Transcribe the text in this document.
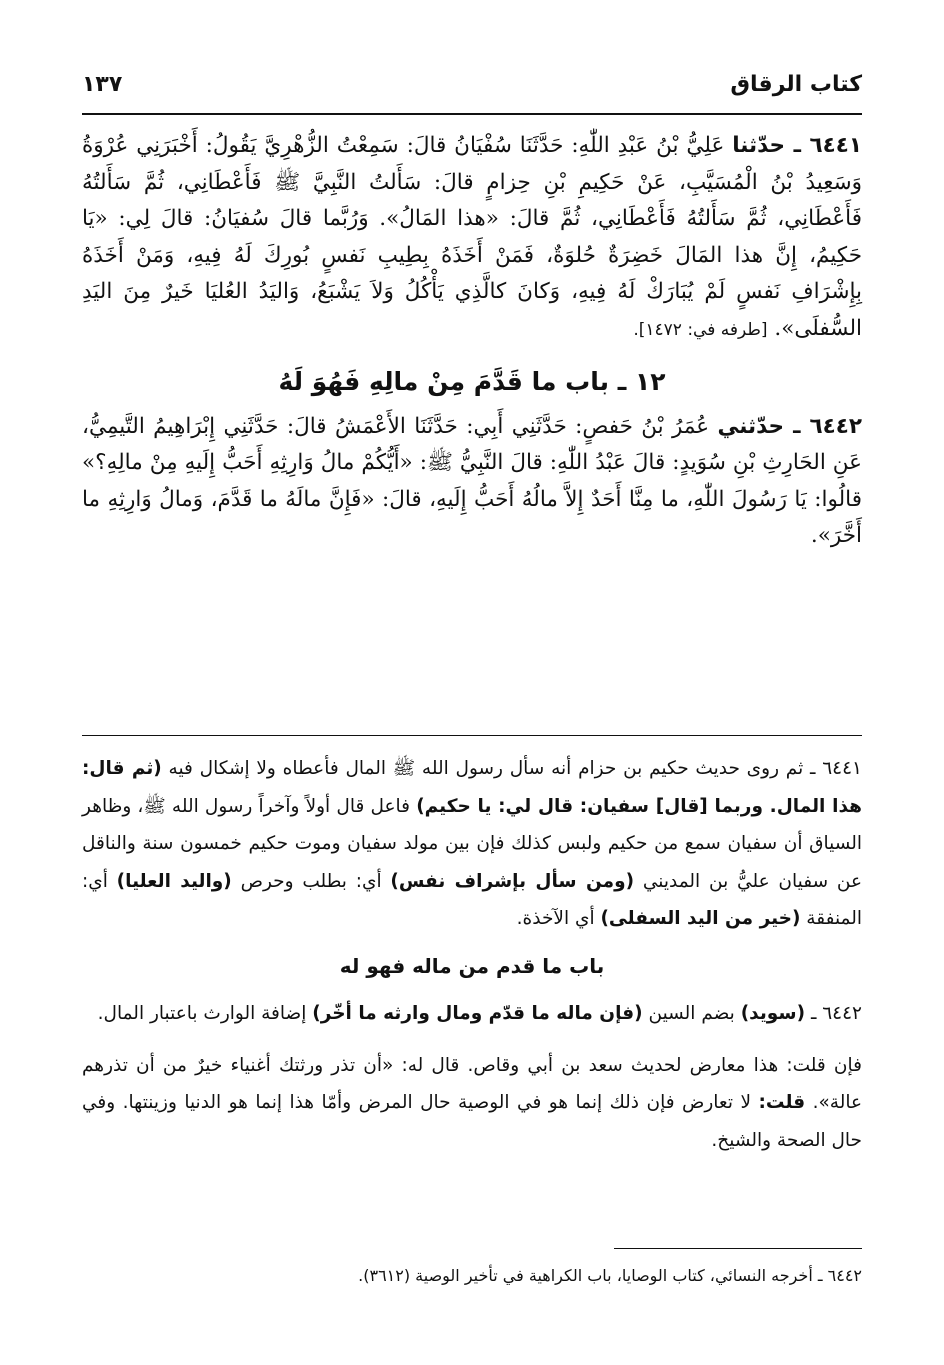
كتاب الرقاق
١٣٧

٦٤٤١ ـ حدّثنا عَلِيُّ بْنُ عَبْدِ اللّٰهِ: حَدَّثَنَا سُفْيَانُ قالَ: سَمِعْتُ الزُّهْرِيَّ يَقُولُ: أَخْبَرَنِي عُرْوَةُ وَسَعِيدُ بْنُ الْمُسَيَّبِ، عَنْ حَكِيمِ بْنِ حِزامٍ قالَ: سَأَلتُ النَّبِيَّ ﷺ فَأَعْطَانِي، ثُمَّ سَأَلتُهُ فَأَعْطَانِي، ثُمَّ سَأَلتُهُ فَأَعْطَانِي، ثُمَّ قالَ: «هذا المَالُ». وَرُبَّما قالَ سُفيَانُ: قالَ لِي: «يَا حَكِيمُ، إِنَّ هذا المَالَ خَضِرَةٌ حُلوَةٌ، فَمَنْ أَخَذَهُ بِطِيبِ نَفسٍ بُورِكَ لَهُ فِيهِ، وَمَنْ أَخَذَهُ بِإِشْرَافِ نَفسٍ لَمْ يُبَارَكْ لَهُ فِيهِ، وَكانَ كالَّذِي يَأْكُلُ وَلاَ يَشْبَعُ، وَاليَدُ العُليَا خَيرٌ مِنَ اليَدِ السُّفلَى». [طرفه في: ١٤٧٢].

١٢ ـ باب ما قَدَّمَ مِنْ مالِهِ فَهُوَ لَهُ

٦٤٤٢ ـ حدّثني عُمَرُ بْنُ حَفصٍ: حَدَّثَنِي أَبِي: حَدَّثَنَا الأَعْمَشُ قالَ: حَدَّثَنِي إِبْرَاهِيمُ التَّيمِيُّ، عَنِ الحَارِثِ بْنِ سُوَيدٍ: قالَ عَبْدُ اللّٰهِ: قالَ النَّبِيُّ ﷺ: «أَيُّكُمْ مالُ وَارِثِهِ أَحَبُّ إِلَيهِ مِنْ مالِهِ؟» قالُوا: يَا رَسُولَ اللّٰهِ، ما مِنَّا أَحَدٌ إِلاَّ مالُهُ أَحَبُّ إِلَيهِ، قالَ: «فَإِنَّ مالَهُ ما قَدَّمَ، وَمالُ وَارِثِهِ ما أَخَّرَ».

٦٤٤١ ـ ثم روى حديث حكيم بن حزام أنه سأل رسول الله ﷺ المال فأعطاه ولا إشكال فيه (ثم قال: هذا المال. وربما [قال] سفيان: قال لي: يا حكيم) فاعل قال أولاً وآخراً رسول الله ﷺ، وظاهر السياق أن سفيان سمع من حكيم ولبس كذلك فإن بين مولد سفيان وموت حكيم خمسون سنة والناقل عن سفيان عليُّ بن المديني (ومن سأل بإشراف نفس) أي: بطلب وحرص (واليد العليا) أي: المنفقة (خير من اليد السفلى) أي الآخذة.

باب ما قدم من ماله فهو له

٦٤٤٢ ـ (سويد) بضم السين (فإن ماله ما قدّم ومال وارثه ما أخّر) إضافة الوارث باعتبار المال.

فإن قلت: هذا معارض لحديث سعد بن أبي وقاص. قال له: «أن تذر ورثتك أغنياء خيرٌ من أن تذرهم عالة». قلت: لا تعارض فإن ذلك إنما هو في الوصية حال المرض وأمّا هذا إنما هو الدنيا وزينتها. وفي حال الصحة والشيخ.

٦٤٤٢ ـ أخرجه النسائي، كتاب الوصايا، باب الكراهية في تأخير الوصية (٣٦١٢).
